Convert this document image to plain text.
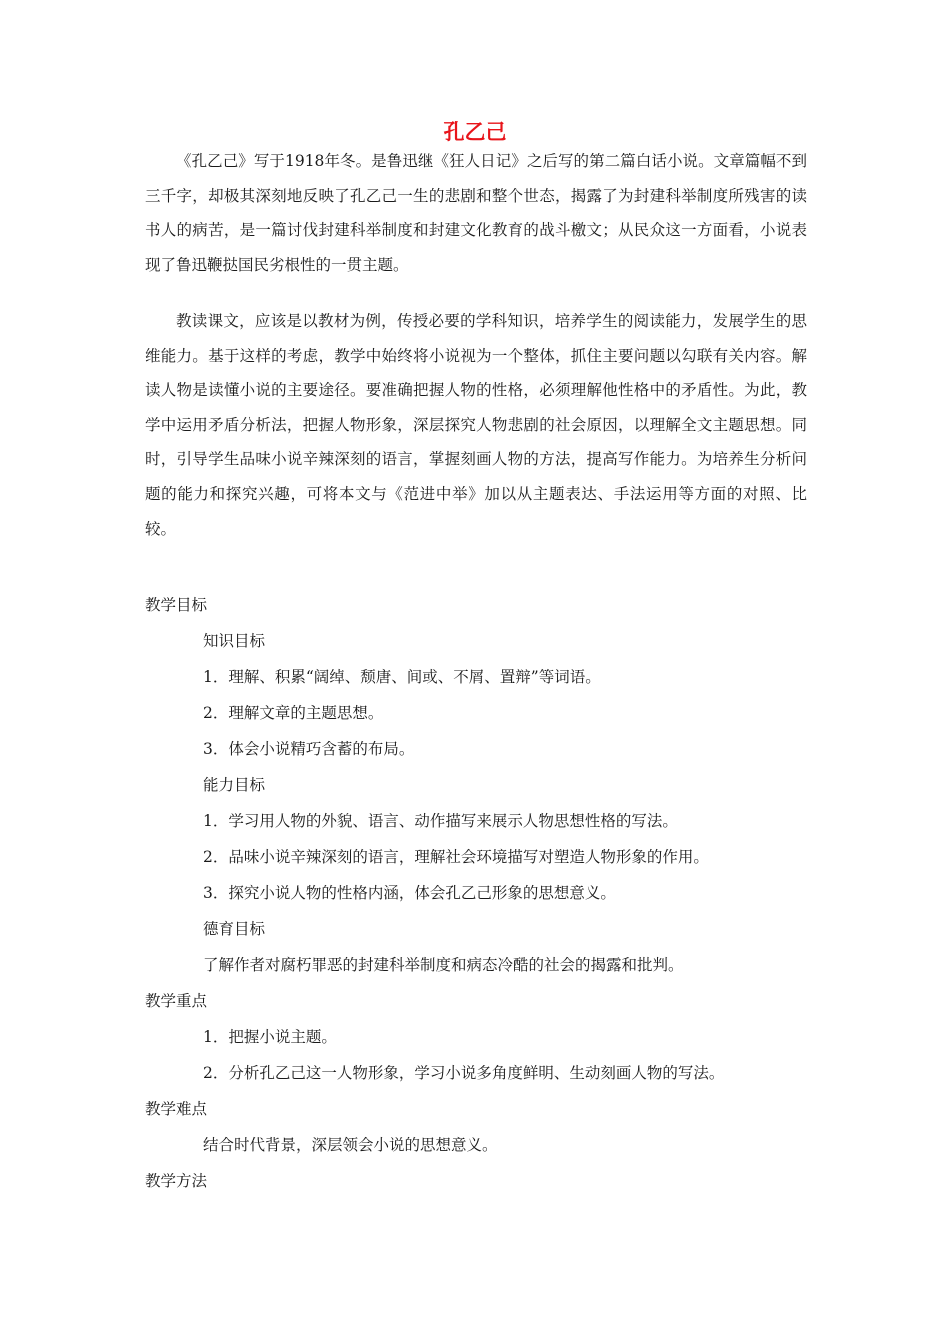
孔乙己

《孔乙己》写于1918年冬。是鲁迅继《狂人日记》之后写的第二篇白话小说。文章篇幅不到三千字，却极其深刻地反映了孔乙己一生的悲剧和整个世态，揭露了为封建科举制度所残害的读书人的病苦，是一篇讨伐封建科举制度和封建文化教育的战斗檄文；从民众这一方面看，小说表现了鲁迅鞭挞国民劣根性的一贯主题。

教读课文，应该是以教材为例，传授必要的学科知识，培养学生的阅读能力，发展学生的思维能力。基于这样的考虑，教学中始终将小说视为一个整体，抓住主要问题以勾联有关内容。解读人物是读懂小说的主要途径。要准确把握人物的性格，必须理解他性格中的矛盾性。为此，教学中运用矛盾分析法，把握人物形象，深层探究人物悲剧的社会原因，以理解全文主题思想。同时，引导学生品味小说辛辣深刻的语言，掌握刻画人物的方法，提高写作能力。为培养生分析问题的能力和探究兴趣，可将本文与《范进中举》加以从主题表达、手法运用等方面的对照、比较。

教学目标
知识目标
1．理解、积累“阔绰、颓唐、间或、不屑、置辩”等词语。
2．理解文章的主题思想。
3．体会小说精巧含蓄的布局。
能力目标
1．学习用人物的外貌、语言、动作描写来展示人物思想性格的写法。
2．品味小说辛辣深刻的语言，理解社会环境描写对塑造人物形象的作用。
3．探究小说人物的性格内涵，体会孔乙己形象的思想意义。
德育目标
了解作者对腐朽罪恶的封建科举制度和病态冷酷的社会的揭露和批判。
教学重点
1．把握小说主题。
2．分析孔乙己这一人物形象，学习小说多角度鲜明、生动刻画人物的写法。
教学难点
结合时代背景，深层领会小说的思想意义。
教学方法
